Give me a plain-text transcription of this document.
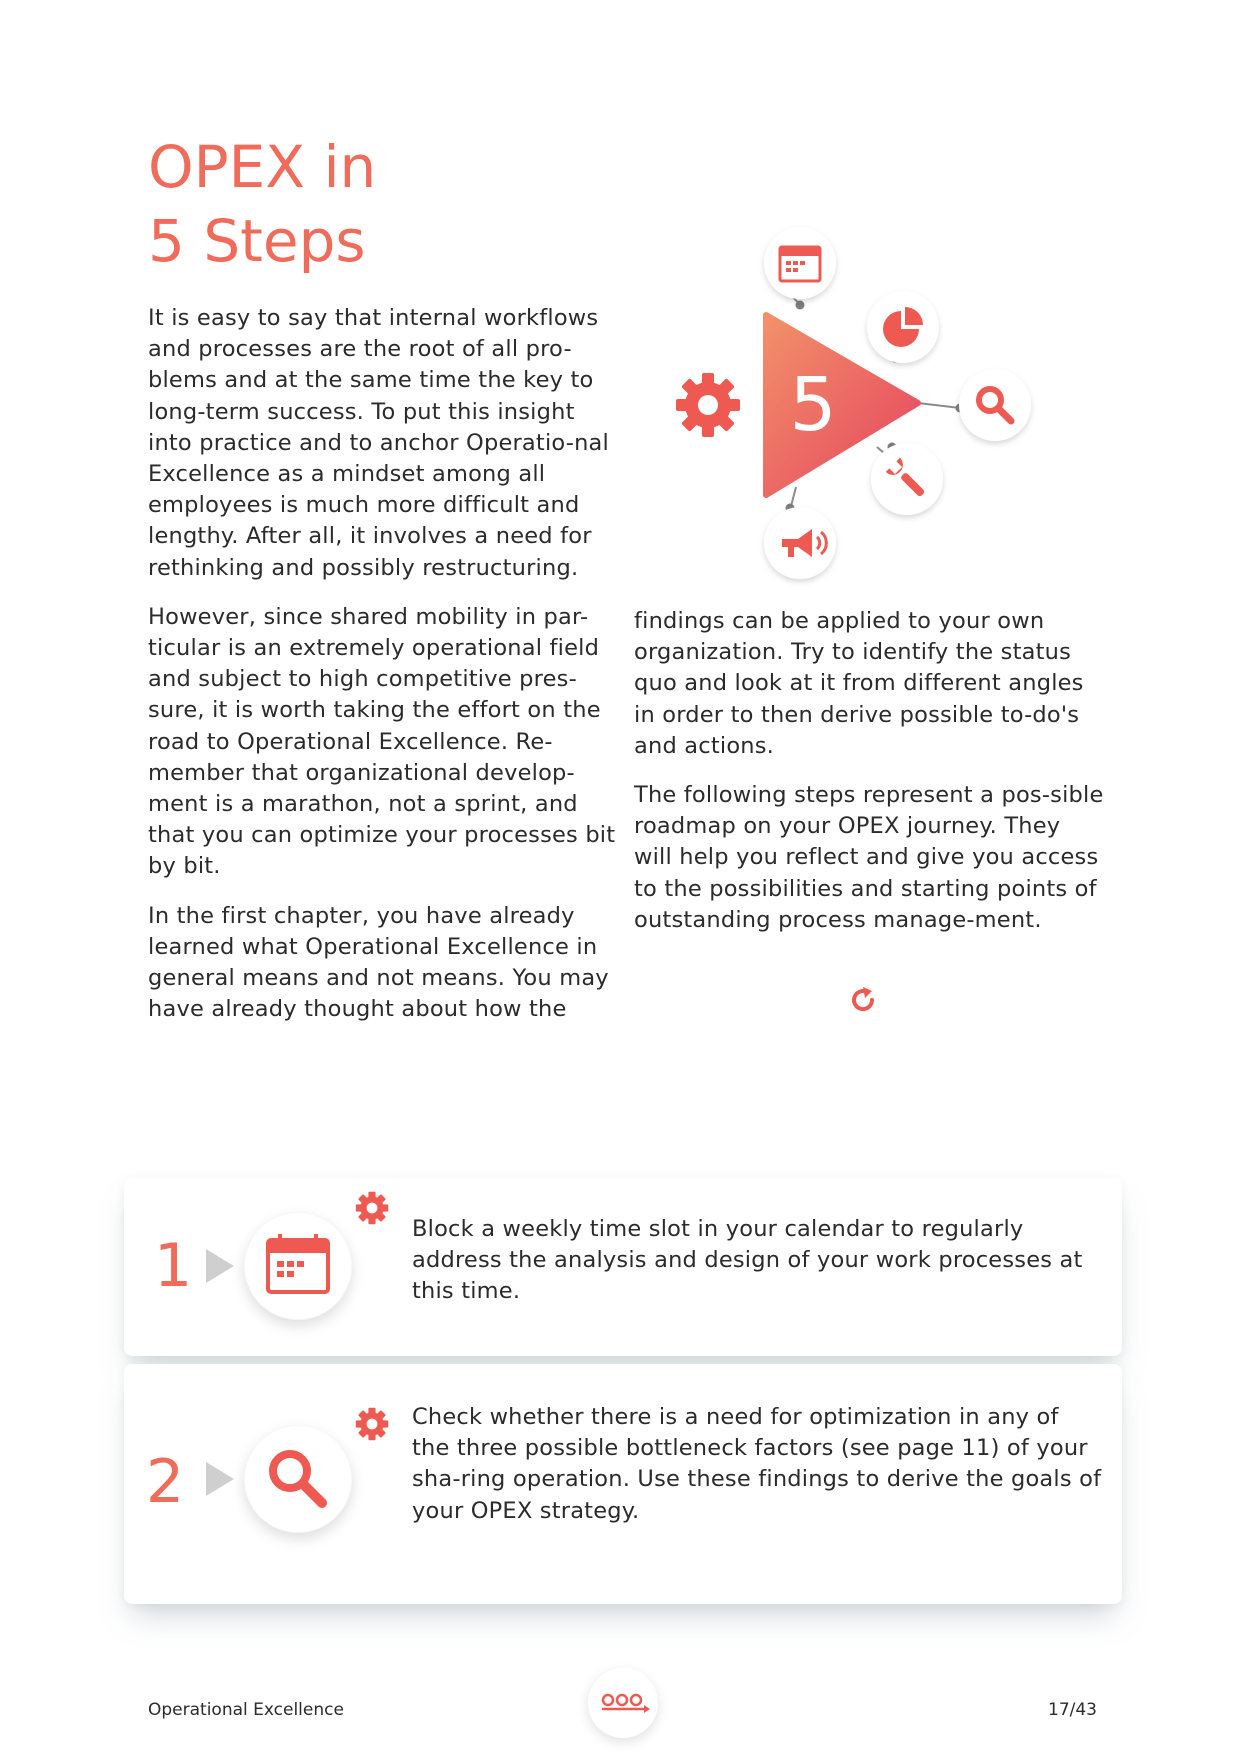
OPEX in
5 Steps

It is easy to say that internal workflows and processes are the root of all pro-blems and at the same time the key to long-term success. To put this insight into practice and to anchor Operatio-nal Excellence as a mindset among all employees is much more difficult and lengthy. After all, it involves a need for rethinking and possibly restructuring.

However, since shared mobility in par-ticular is an extremely operational field and subject to high competitive pres-sure, it is worth taking the effort on the road to Operational Excellence. Re-member that organizational develop-ment is a marathon, not a sprint, and that you can optimize your processes bit by bit.

In the first chapter, you have already learned what Operational Excellence in general means and not means. You may have already thought about how the

5

findings can be applied to your own organization. Try to identify the status quo and look at it from different angles in order to then derive possible to-do's and actions.

The following steps represent a pos-sible roadmap on your OPEX journey. They will help you reflect and give you access to the possibilities and starting points of outstanding process manage-ment.

1
Block a weekly time slot in your calendar to regularly address the analysis and design of your work processes at this time.
2
Check whether there is a need for optimization in any of the three possible bottleneck factors (see page 11) of your sha-ring operation. Use these findings to derive the goals of your OPEX strategy.
Operational Excellence	17/43
